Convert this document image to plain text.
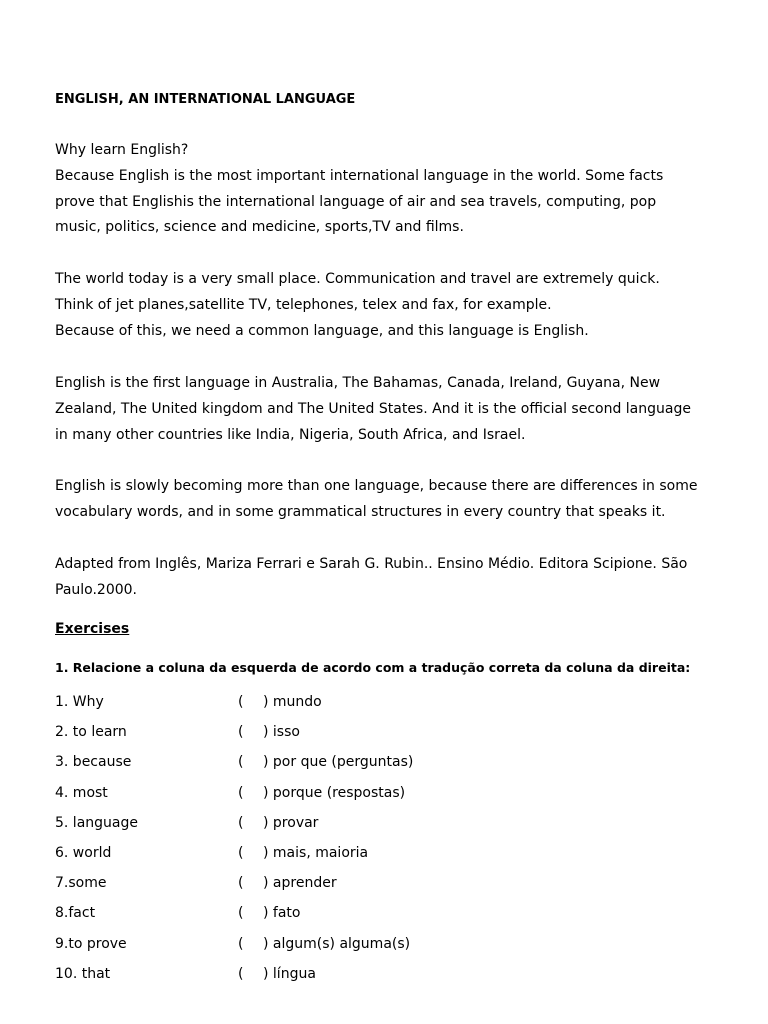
ENGLISH, AN INTERNATIONAL LANGUAGE
Why learn English?
Because English is the most important international language in the world. Some facts
prove that Englishis the international language of air and sea travels, computing, pop
music, politics, science and medicine, sports,TV and films.
The world today is a very small place. Communication and travel are extremely quick.
Think of jet planes,satellite TV, telephones, telex and fax, for example.
Because of this, we need a common language, and this language is English.
English is the first language in Australia, The Bahamas, Canada, Ireland, Guyana, New
Zealand, The United kingdom and The United States. And it is the official second language
in many other countries like India, Nigeria, South Africa, and Israel.
English is slowly becoming more than one language, because there are differences in some
vocabulary words, and in some grammatical structures in every country that speaks it.
Adapted from Inglês, Mariza Ferrari e Sarah G. Rubin.. Ensino Médio. Editora Scipione. São
Paulo.2000.
Exercises
1. Relacione a coluna da esquerda de acordo com a tradução correta da coluna da direita:
1. Why	( ) mundo
2. to learn	( ) isso
3. because	( ) por que (perguntas)
4. most	( ) porque (respostas)
5. language	( ) provar
6. world	( ) mais, maioria
7.some	( ) aprender
8.fact	( ) fato
9.to prove	( ) algum(s) alguma(s)
10. that	( ) língua
